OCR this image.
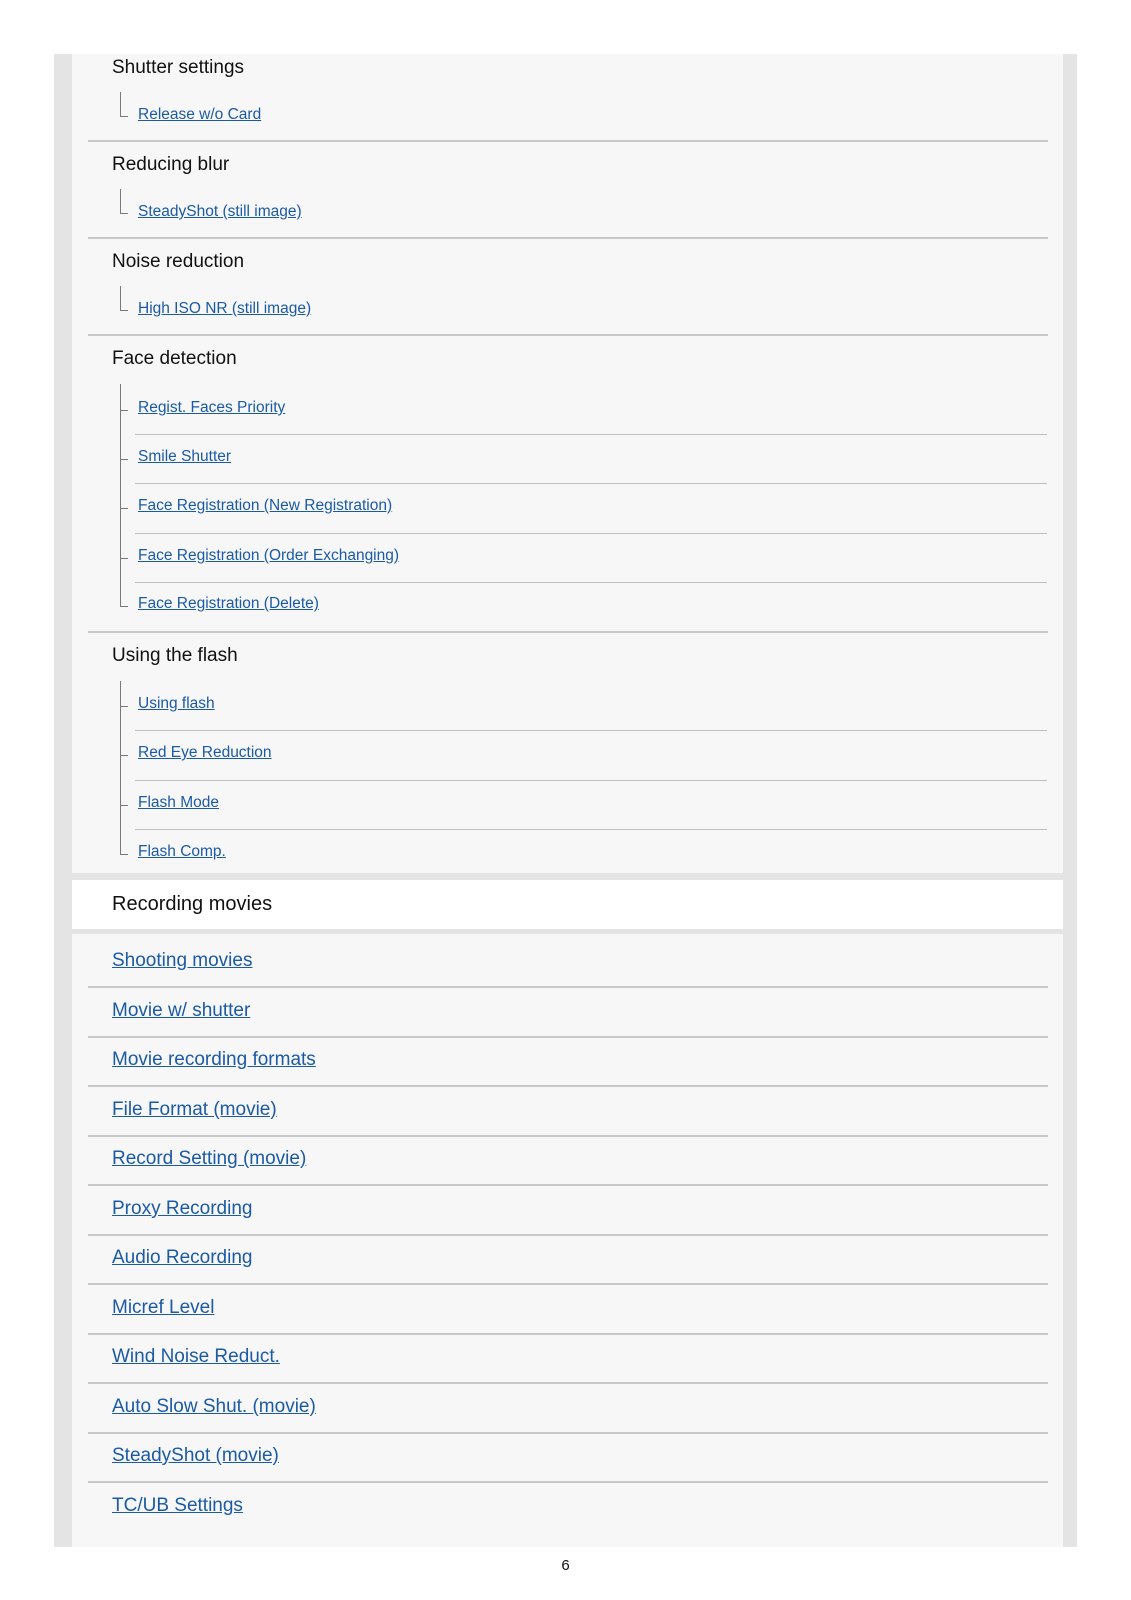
Shutter settings
Release w/o Card
Reducing blur
SteadyShot (still image)
Noise reduction
High ISO NR (still image)
Face detection
Regist. Faces Priority
Smile Shutter
Face Registration (New Registration)
Face Registration (Order Exchanging)
Face Registration (Delete)
Using the flash
Using flash
Red Eye Reduction
Flash Mode
Flash Comp.
Recording movies
Shooting movies
Movie w/ shutter
Movie recording formats
File Format (movie)
Record Setting (movie)
Proxy Recording
Audio Recording
Micref Level
Wind Noise Reduct.
Auto Slow Shut. (movie)
SteadyShot (movie)
TC/UB Settings
6
